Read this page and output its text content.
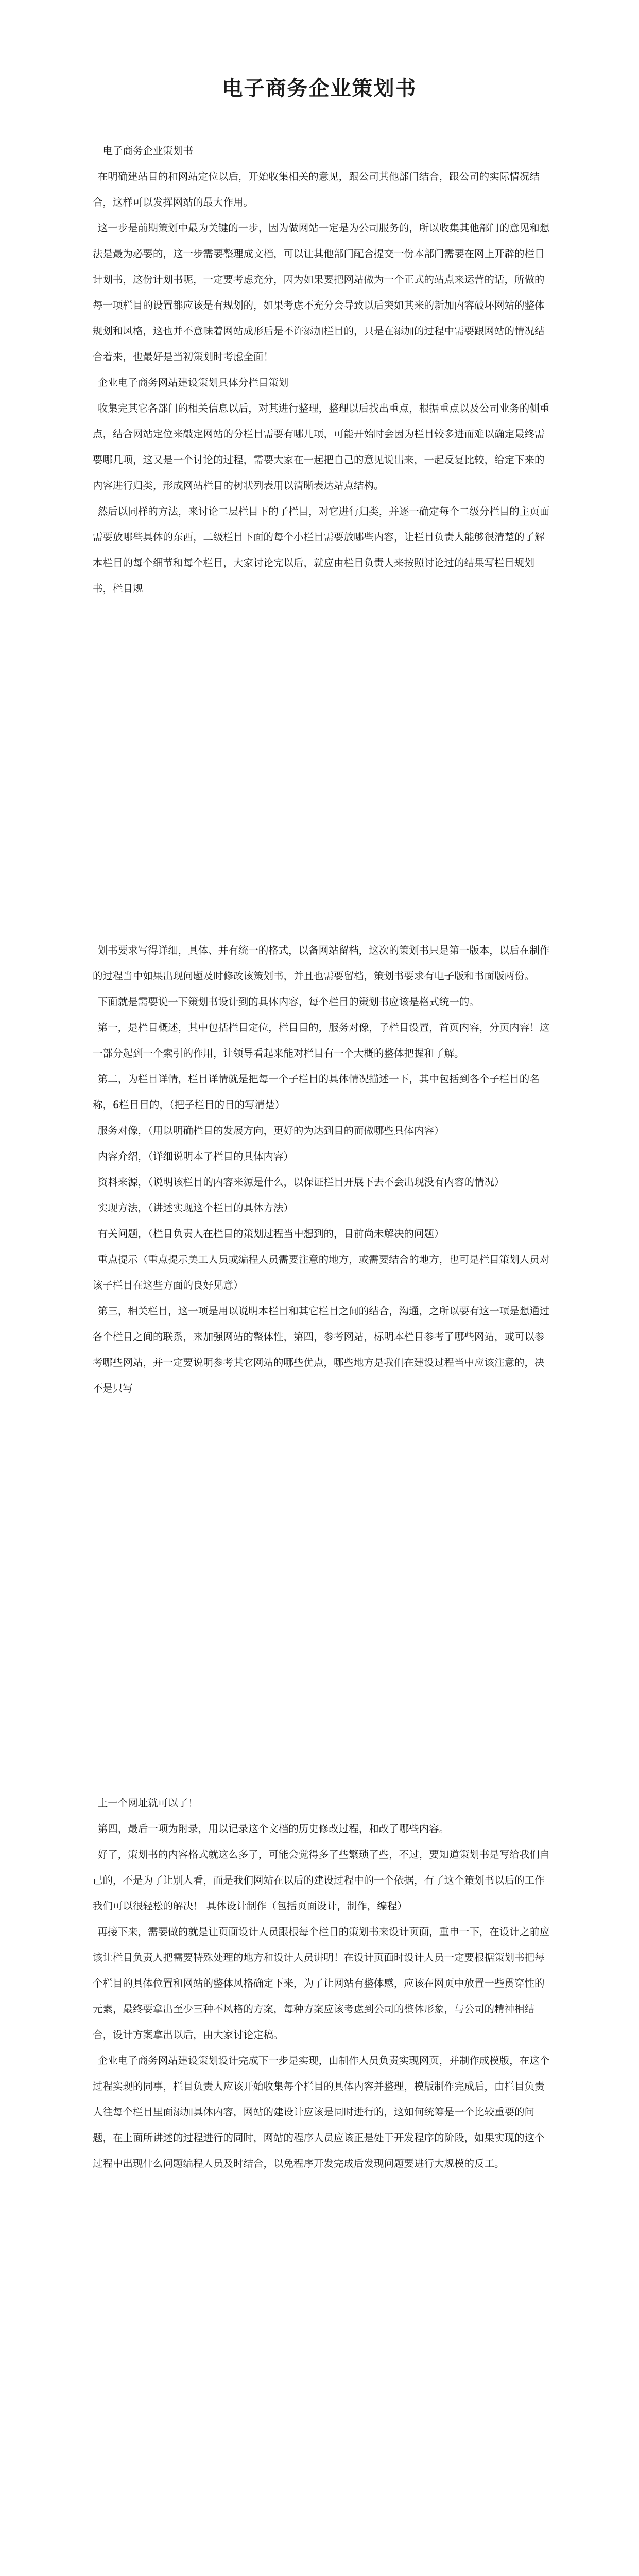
电子商务企业策划书

电子商务企业策划书

在明确建站目的和网站定位以后，开始收集相关的意见，跟公司其他部门结合，跟公司的实际情况结合，这样可以发挥网站的最大作用。

这一步是前期策划中最为关键的一步，因为做网站一定是为公司服务的，所以收集其他部门的意见和想法是最为必要的，这一步需要整理成文档，可以让其他部门配合提交一份本部门需要在网上开辟的栏目计划书，这份计划书呢，一定要考虑充分，因为如果要把网站做为一个正式的站点来运营的话，所做的每一项栏目的设置都应该是有规划的，如果考虑不充分会导致以后突如其来的新加内容破坏网站的整体规划和风格，这也并不意味着网站成形后是不许添加栏目的，只是在添加的过程中需要跟网站的情况结合着来，也最好是当初策划时考虑全面！

企业电子商务网站建设策划具体分栏目策划

收集完其它各部门的相关信息以后，对其进行整理，整理以后找出重点，根据重点以及公司业务的侧重点，结合网站定位来敲定网站的分栏目需要有哪几项，可能开始时会因为栏目较多进而难以确定最终需要哪几项，这又是一个讨论的过程，需要大家在一起把自己的意见说出来，一起反复比较，给定下来的内容进行归类，形成网站栏目的树状列表用以清晰表达站点结构。

然后以同样的方法，来讨论二层栏目下的子栏目，对它进行归类，并逐一确定每个二级分栏目的主页面需要放哪些具体的东西，二级栏目下面的每个小栏目需要放哪些内容，让栏目负责人能够很清楚的了解本栏目的每个细节和每个栏目，大家讨论完以后，就应由栏目负责人来按照讨论过的结果写栏目规划书，栏目规

划书要求写得详细，具体、并有统一的格式，以备网站留档，这次的策划书只是第一版本，以后在制作的过程当中如果出现问题及时修改该策划书，并且也需要留档，策划书要求有电子版和书面版两份。

下面就是需要说一下策划书设计到的具体内容，每个栏目的策划书应该是格式统一的。

第一，是栏目概述，其中包括栏目定位，栏目目的，服务对像，子栏目设置，首页内容，分页内容！这一部分起到一个索引的作用，让领导看起来能对栏目有一个大概的整体把握和了解。

第二，为栏目详情，栏目详情就是把每一个子栏目的具体情况描述一下，其中包括到各个子栏目的名称，6栏目目的，（把子栏目的目的写清楚）

服务对像，（用以明确栏目的发展方向，更好的为达到目的而做哪些具体内容）

内容介绍，（详细说明本子栏目的具体内容）

资料来源，（说明该栏目的内容来源是什么，以保证栏目开展下去不会出现没有内容的情况）

实现方法，（讲述实现这个栏目的具体方法）

有关问题，（栏目负责人在栏目的策划过程当中想到的，目前尚未解决的问题）

重点提示（重点提示美工人员或编程人员需要注意的地方，或需要结合的地方，也可是栏目策划人员对该子栏目在这些方面的良好见意）

第三，相关栏目，这一项是用以说明本栏目和其它栏目之间的结合，沟通，之所以要有这一项是想通过各个栏目之间的联系，来加强网站的整体性，第四，参考网站，标明本栏目参考了哪些网站，或可以参考哪些网站，并一定要说明参考其它网站的哪些优点，哪些地方是我们在建设过程当中应该注意的，决不是只写

上一个网址就可以了！

第四，最后一项为附录，用以记录这个文档的历史修改过程，和改了哪些内容。

好了，策划书的内容格式就这么多了，可能会觉得多了些繁琐了些，不过，要知道策划书是写给我们自己的，不是为了让别人看，而是我们网站在以后的建设过程中的一个依据，有了这个策划书以后的工作我们可以很轻松的解决！ 具体设计制作（包括页面设计，制作，编程）

再接下来，需要做的就是让页面设计人员跟根每个栏目的策划书来设计页面，重申一下，在设计之前应该让栏目负责人把需要特殊处理的地方和设计人员讲明！在设计页面时设计人员一定要根据策划书把每个栏目的具体位置和网站的整体风格确定下来，为了让网站有整体感，应该在网页中放置一些贯穿性的元素，最终要拿出至少三种不风格的方案，每种方案应该考虑到公司的整体形象，与公司的精神相结合，设计方案拿出以后，由大家讨论定稿。

企业电子商务网站建设策划设计完成下一步是实现，由制作人员负责实现网页，并制作成模版，在这个过程实现的同事，栏目负责人应该开始收集每个栏目的具体内容并整理，模版制作完成后，由栏目负责人往每个栏目里面添加具体内容，网站的建设计应该是同时进行的，这如何统筹是一个比较重要的问题，在上面所讲述的过程进行的同时，网站的程序人员应该正是处于开发程序的阶段，如果实现的这个过程中出现什么问题编程人员及时结合，以免程序开发完成后发现问题要进行大规模的反工。
